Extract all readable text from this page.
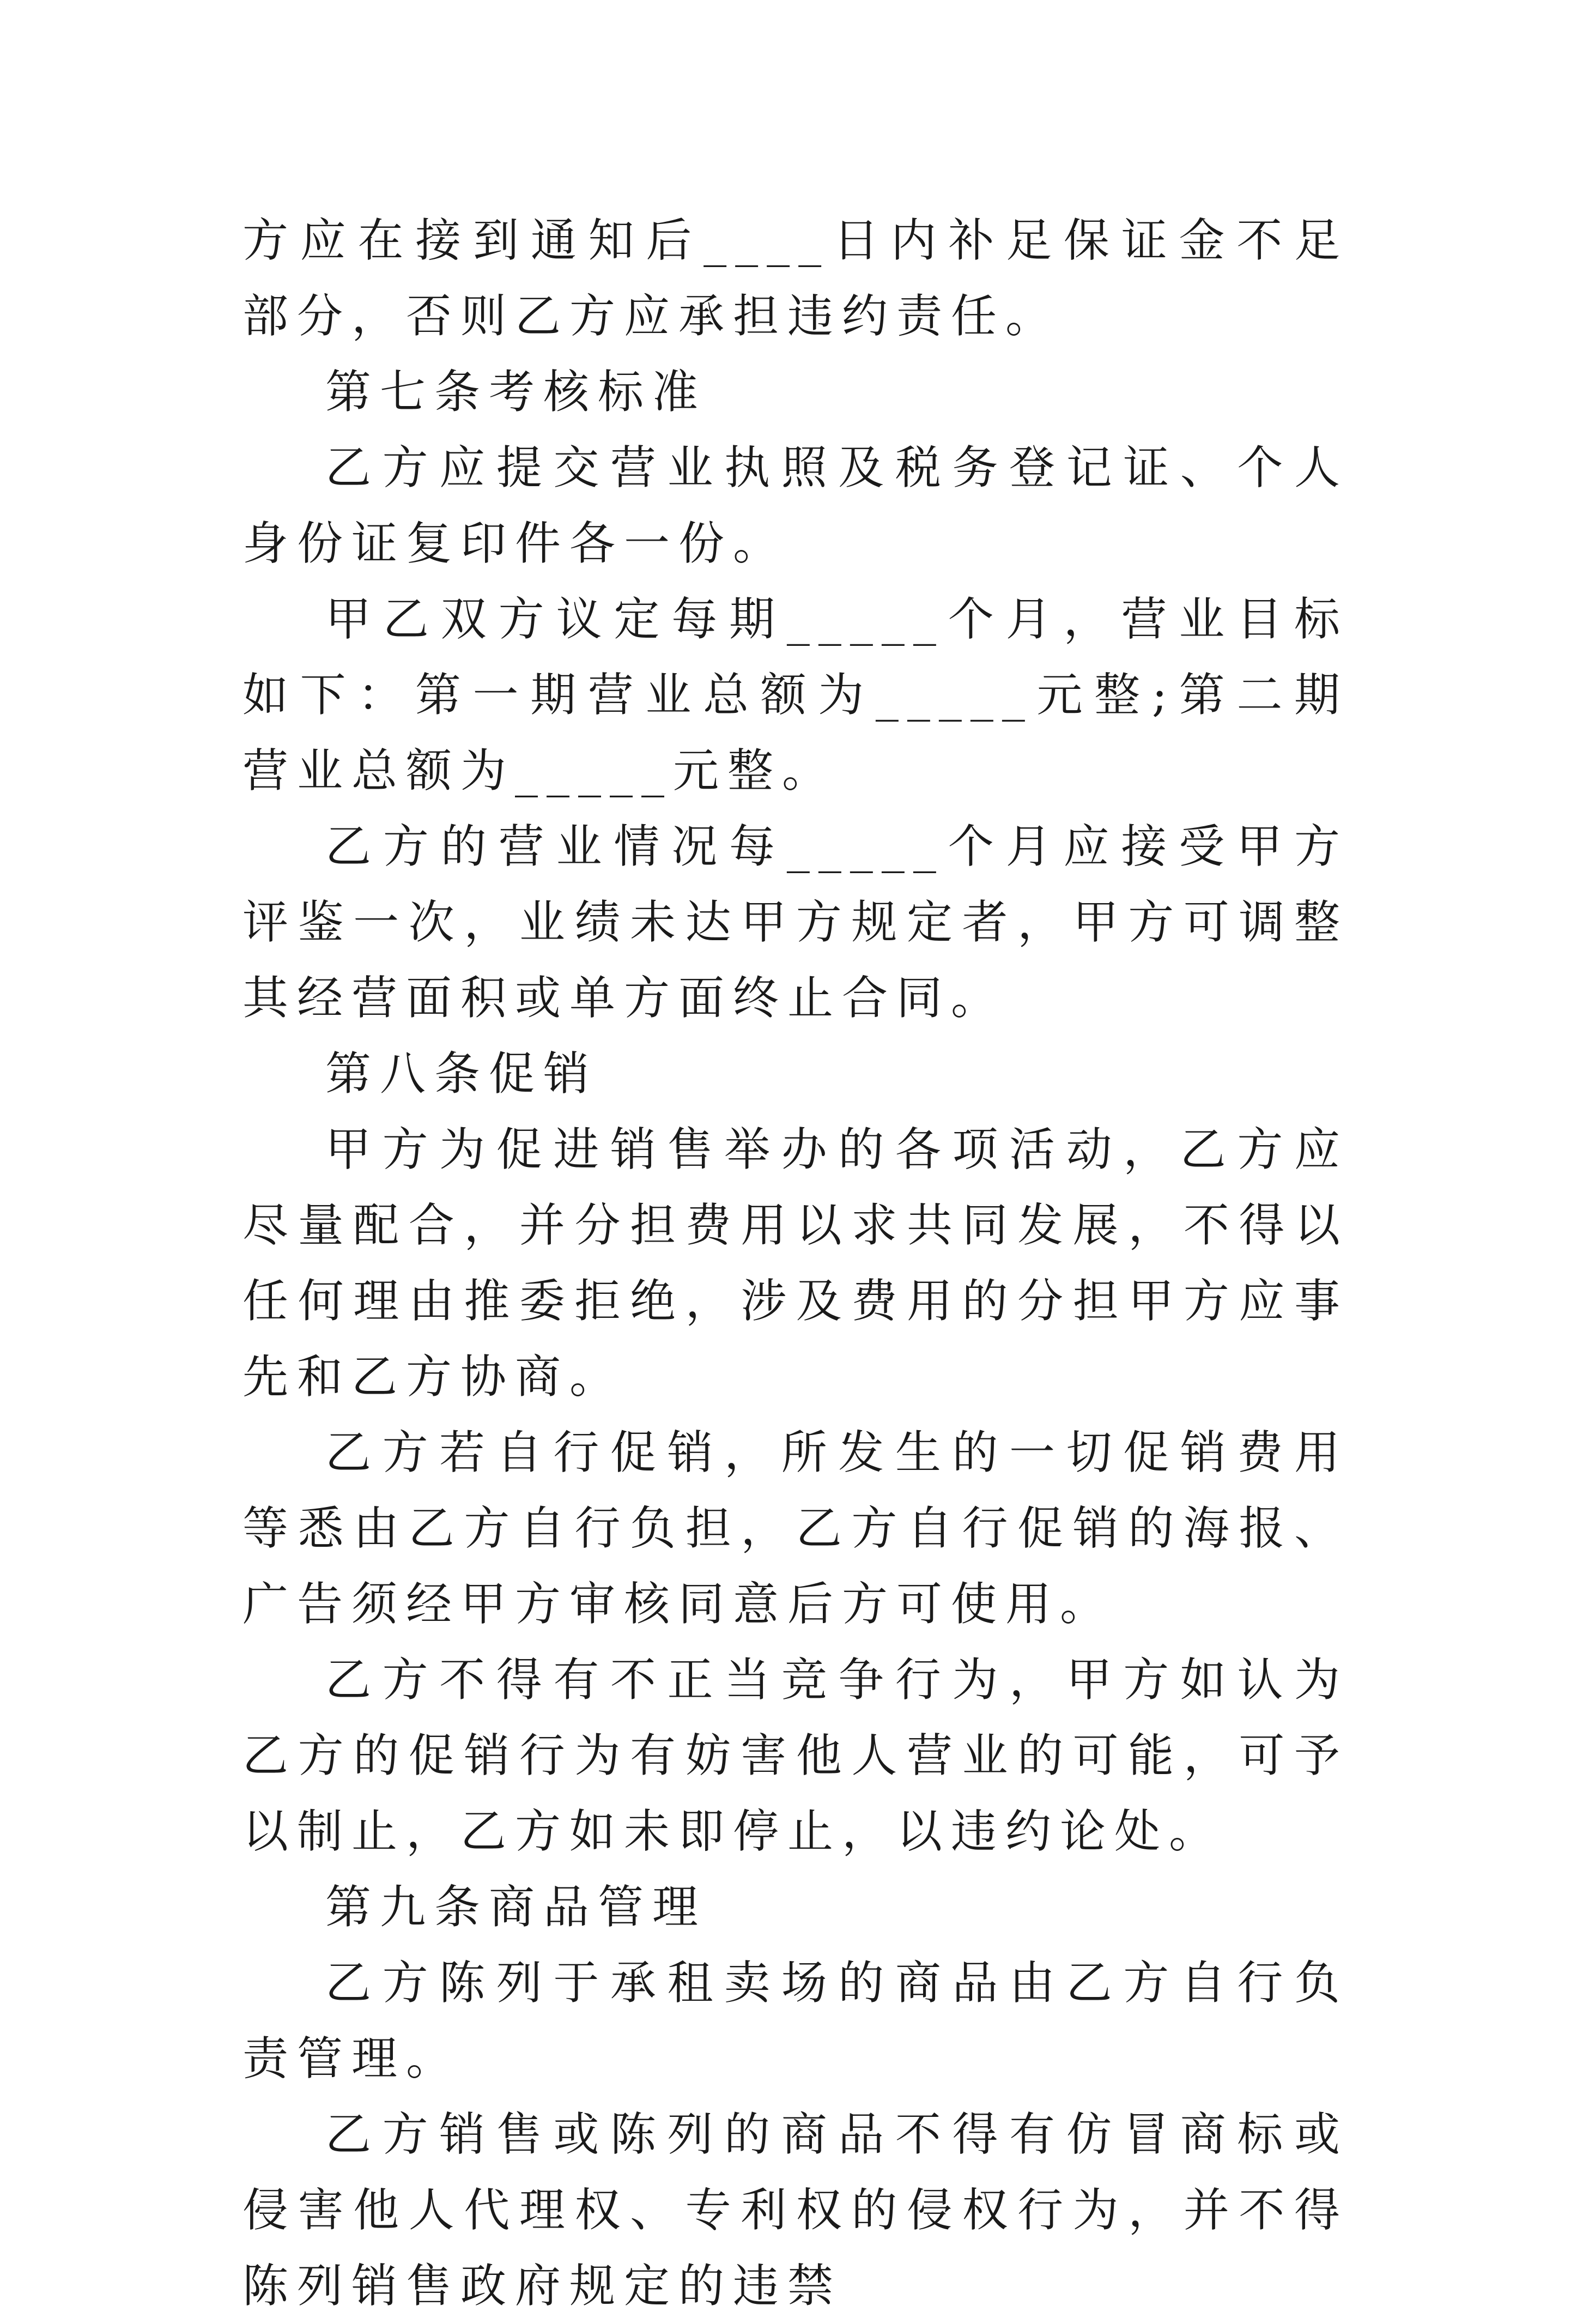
方应在接到通知后____日内补足保证金不足部分，否则乙方应承担违约责任。

第七条考核标准

乙方应提交营业执照及税务登记证、个人身份证复印件各一份。

甲乙双方议定每期_____个月，营业目标如下：第一期营业总额为_____元整;第二期营业总额为_____元整。

乙方的营业情况每_____个月应接受甲方评鉴一次，业绩未达甲方规定者，甲方可调整其经营面积或单方面终止合同。

第八条促销

甲方为促进销售举办的各项活动，乙方应尽量配合，并分担费用以求共同发展，不得以任何理由推委拒绝，涉及费用的分担甲方应事先和乙方协商。

乙方若自行促销，所发生的一切促销费用等悉由乙方自行负担，乙方自行促销的海报、广告须经甲方审核同意后方可使用。

乙方不得有不正当竞争行为，甲方如认为乙方的促销行为有妨害他人营业的可能，可予以制止，乙方如未即停止，以违约论处。

第九条商品管理

乙方陈列于承租卖场的商品由乙方自行负责管理。

乙方销售或陈列的商品不得有仿冒商标或侵害他人代理权、专利权的侵权行为，并不得陈列销售政府规定的违禁
